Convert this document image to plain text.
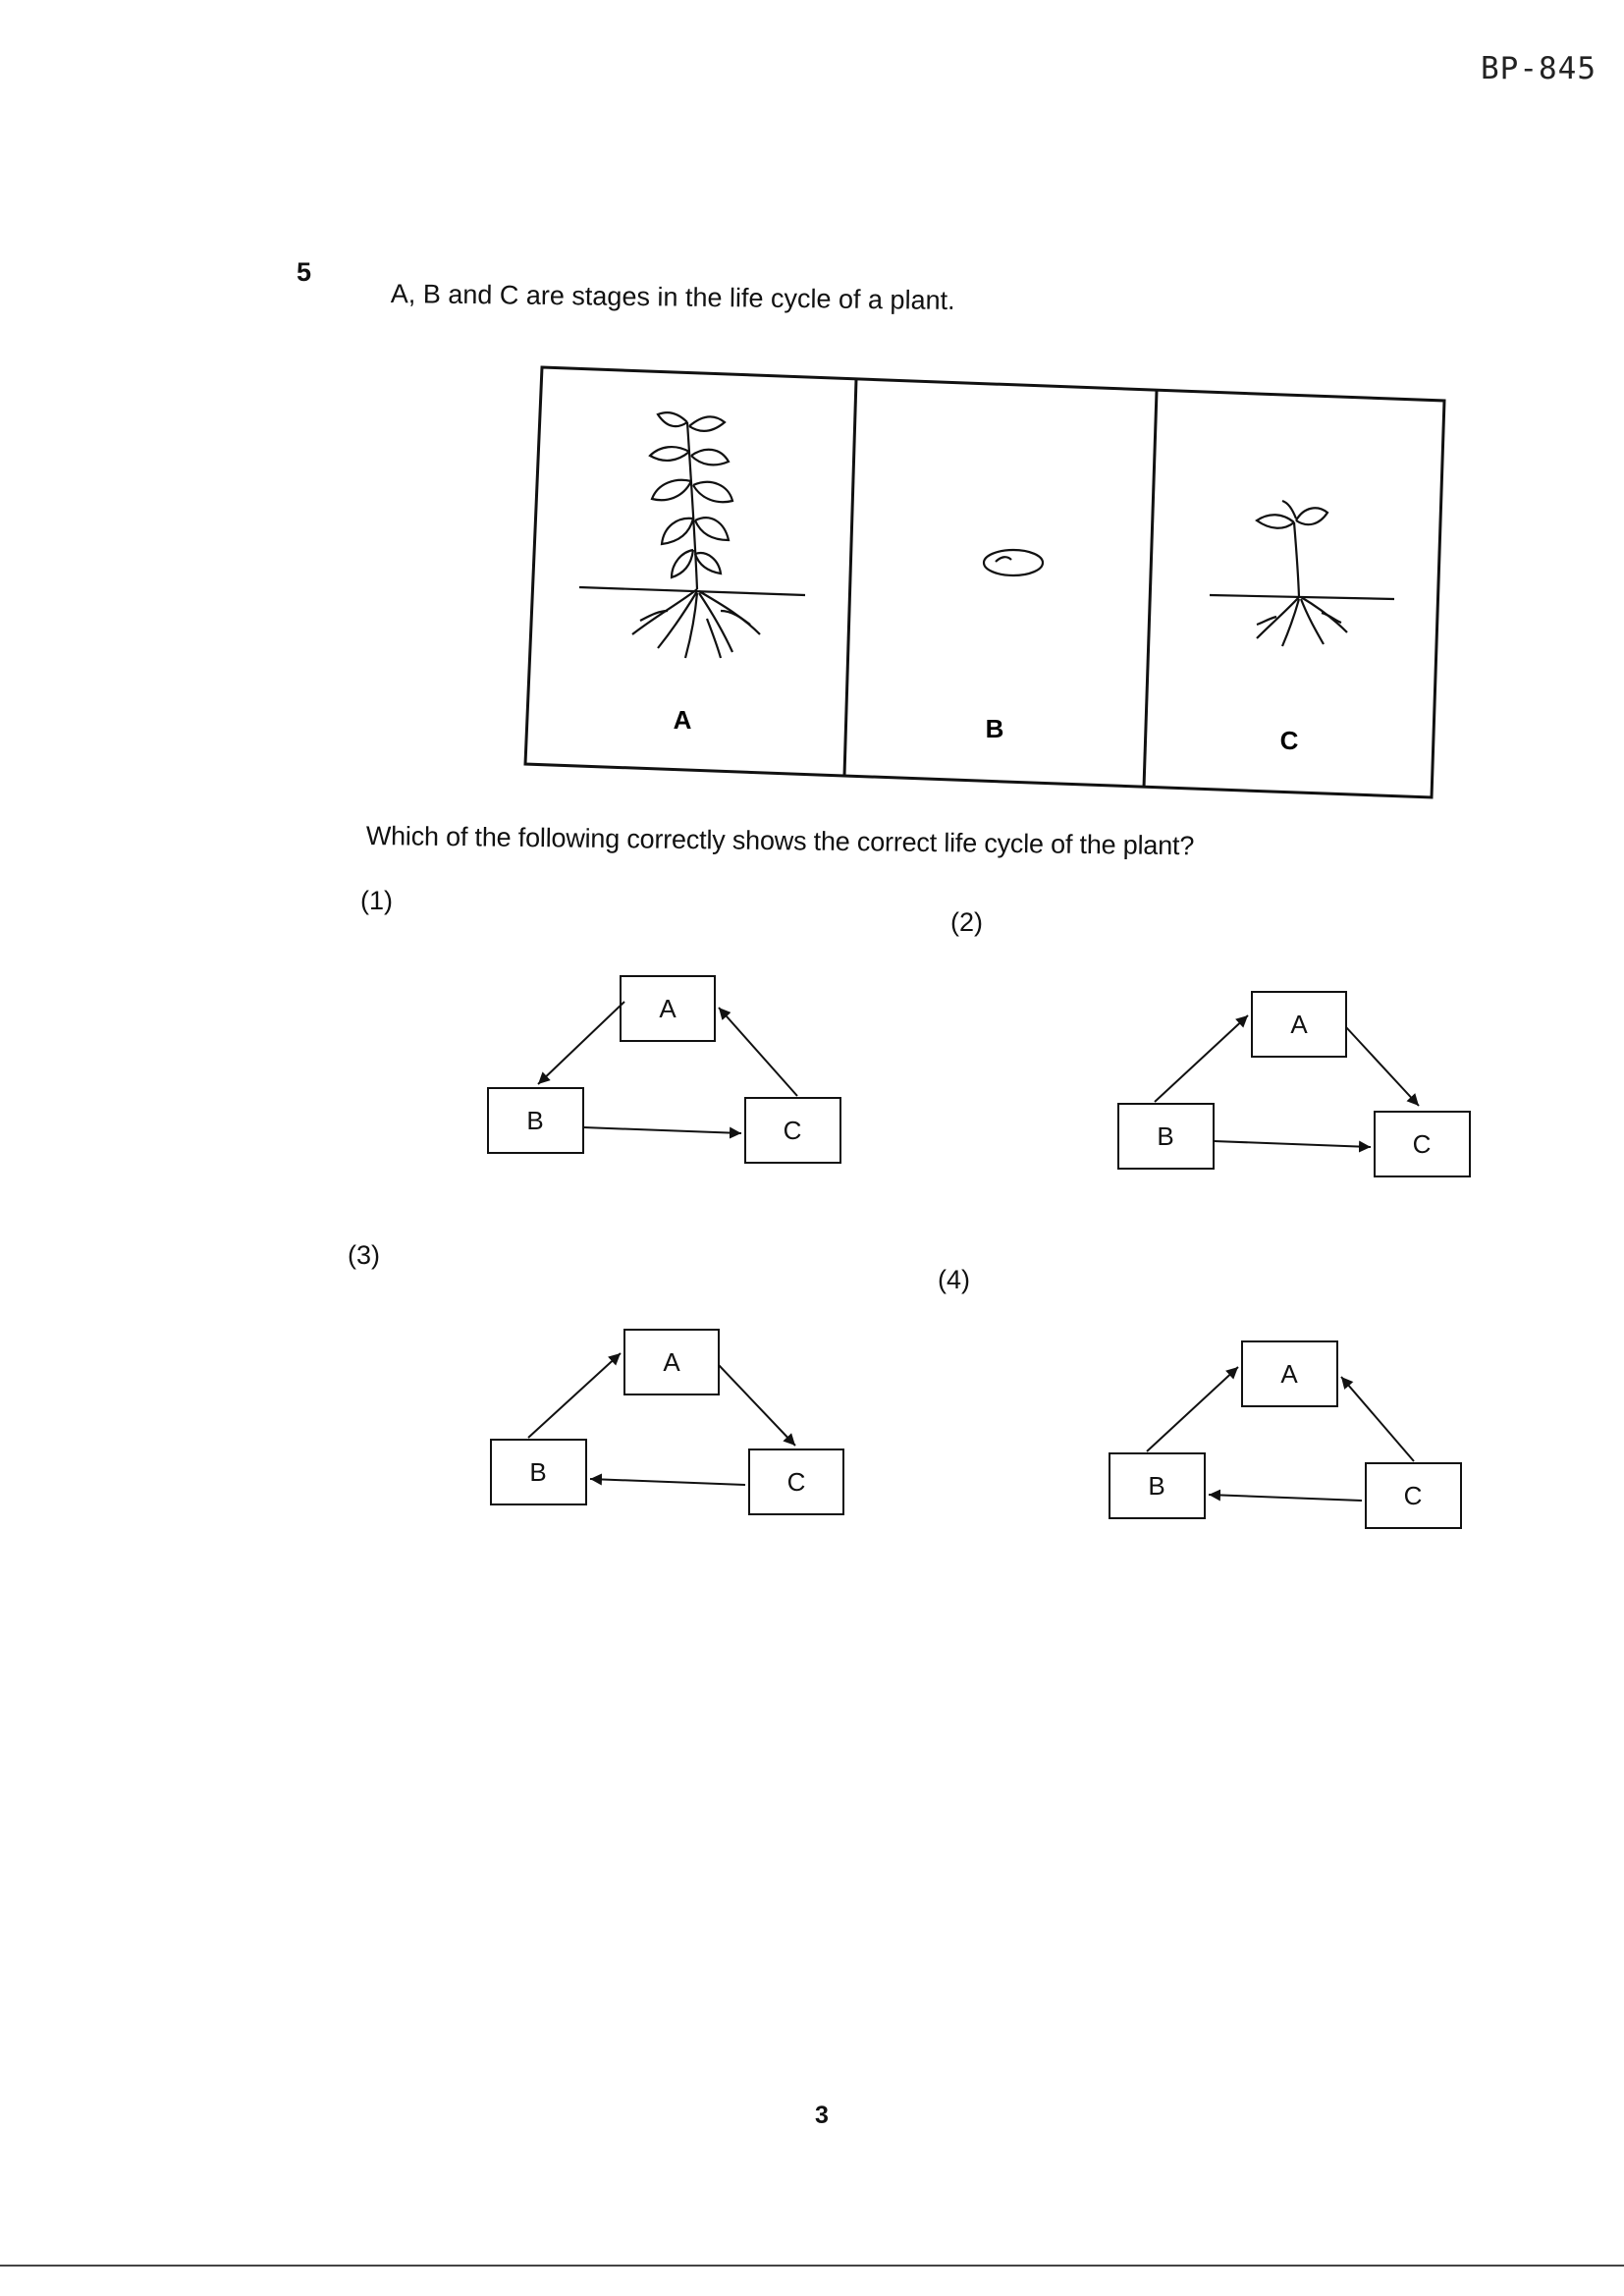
BP-845
5
A, B and C are stages in the life cycle of a plant.
A	B	C
Which of the following correctly shows the correct life cycle of the plant?
(1)
(2)
(3)
(4)
A
B	C
A
B	C
A
B	C
A
B	C
3
